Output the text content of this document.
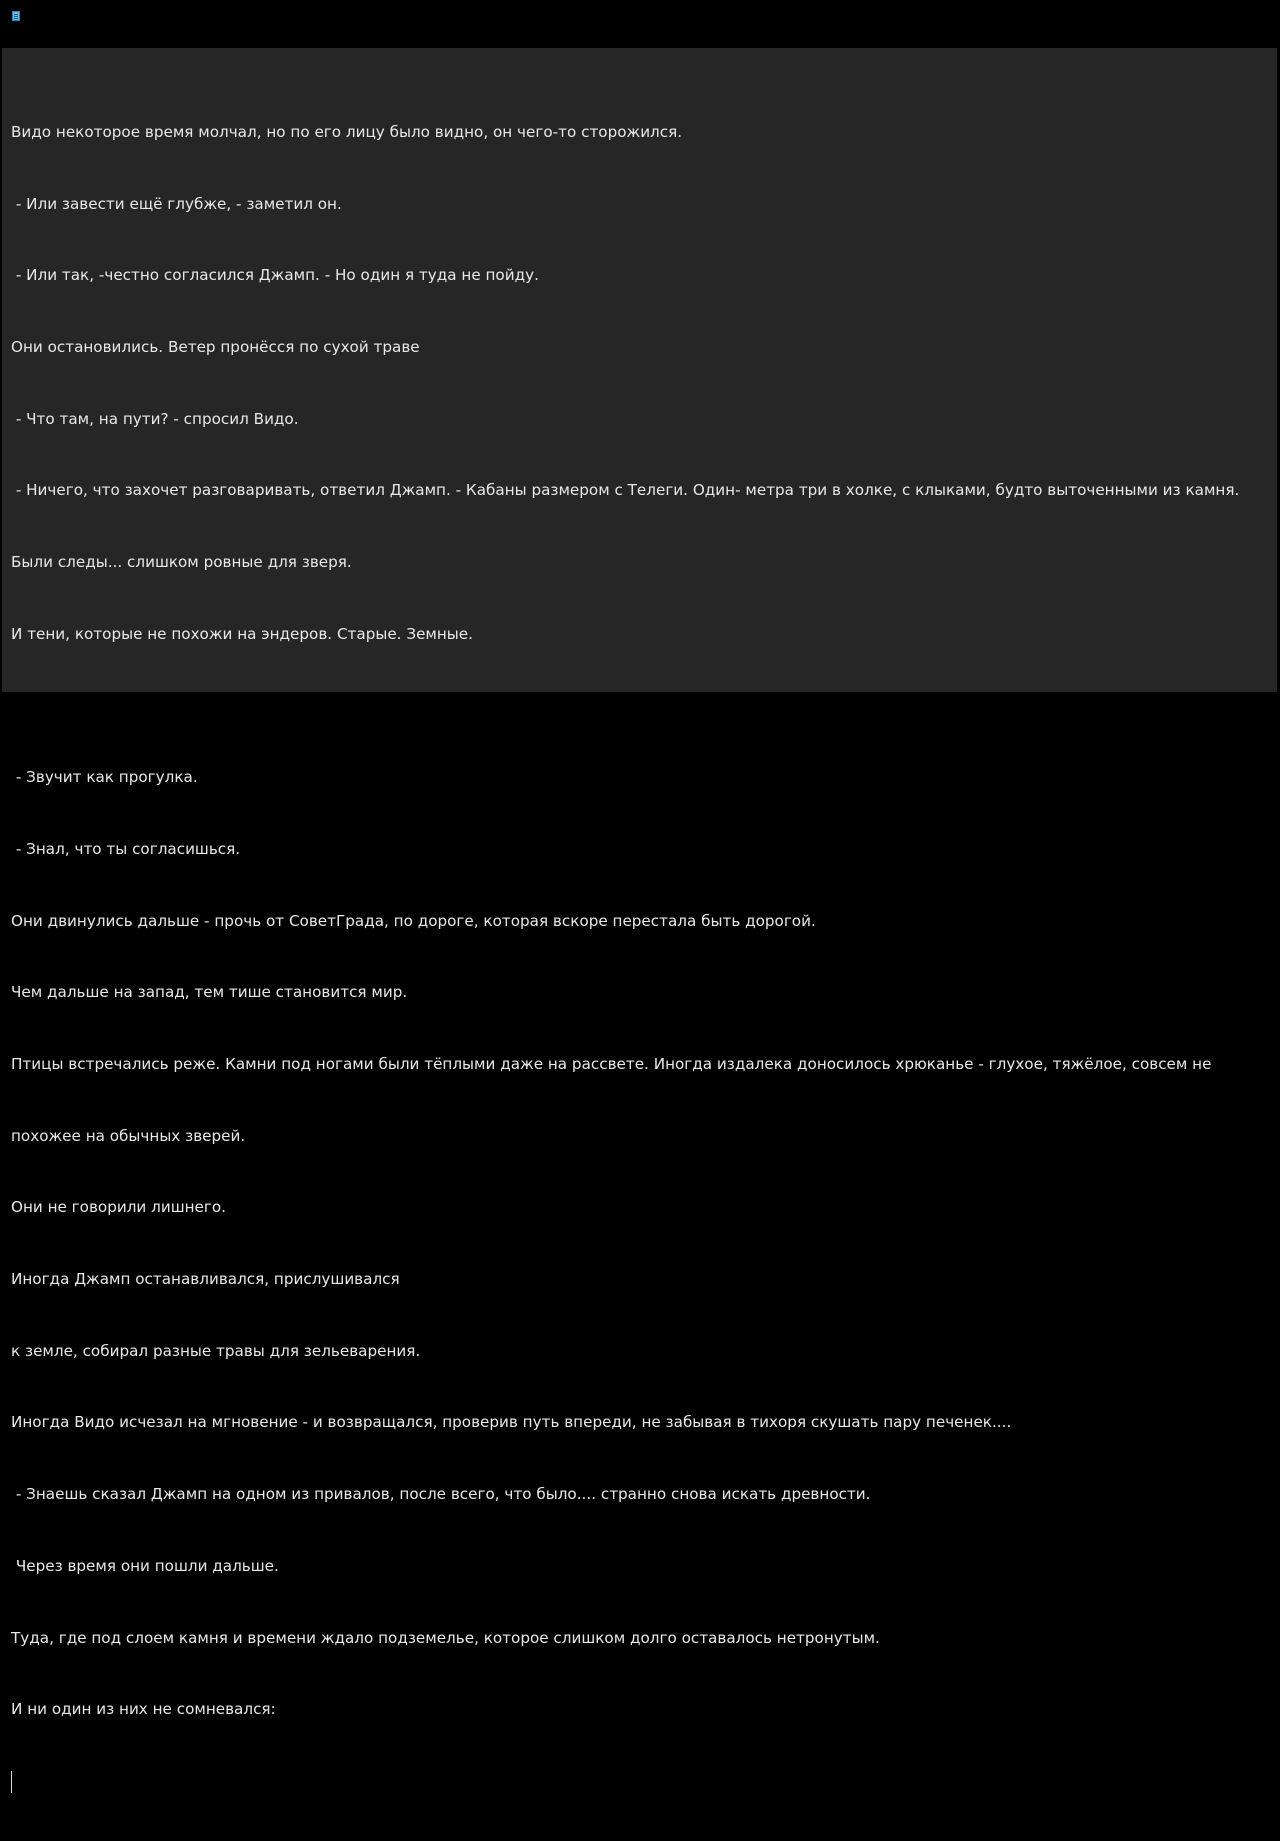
Видо некоторое время молчал, но по его лицу было видно, он чего-то сторожился.

- Или завести ещё глубже, - заметил он.

- Или так, -честно согласился Джамп. - Но один я туда не пойду.

Они остановились. Ветер пронёсся по сухой траве

- Что там, на пути? - спросил Видо.

- Ничего, что захочет разговаривать, ответил Джамп. - Кабаны размером с Телеги. Один- метра три в холке, с клыками, будто выточенными из камня.

Были следы... слишком ровные для зверя.

И тени, которые не похожи на эндеров. Старые. Земные.

- Звучит как прогулка.

- Знал, что ты согласишься.

Они двинулись дальше - прочь от СоветГрада, по дороге, которая вскоре перестала быть дорогой.

Чем дальше на запад, тем тише становится мир.

Птицы встречались реже. Камни под ногами были тёплыми даже на рассвете. Иногда издалека доносилось хрюканье - глухое, тяжёлое, совсем не

похожее на обычных зверей.

Они не говорили лишнего.

Иногда Джамп останавливался, прислушивался

к земле, собирал разные травы для зельеварения.

Иногда Видо исчезал на мгновение - и возвращался, проверив путь впереди, не забывая в тихоря скушать пару печенек....

- Знаешь сказал Джамп на одном из привалов, после всего, что было.... странно снова искать древности.

Через время они пошли дальше.

Туда, где под слоем камня и времени ждало подземелье, которое слишком долго оставалось нетронутым.

И ни один из них не сомневался:
